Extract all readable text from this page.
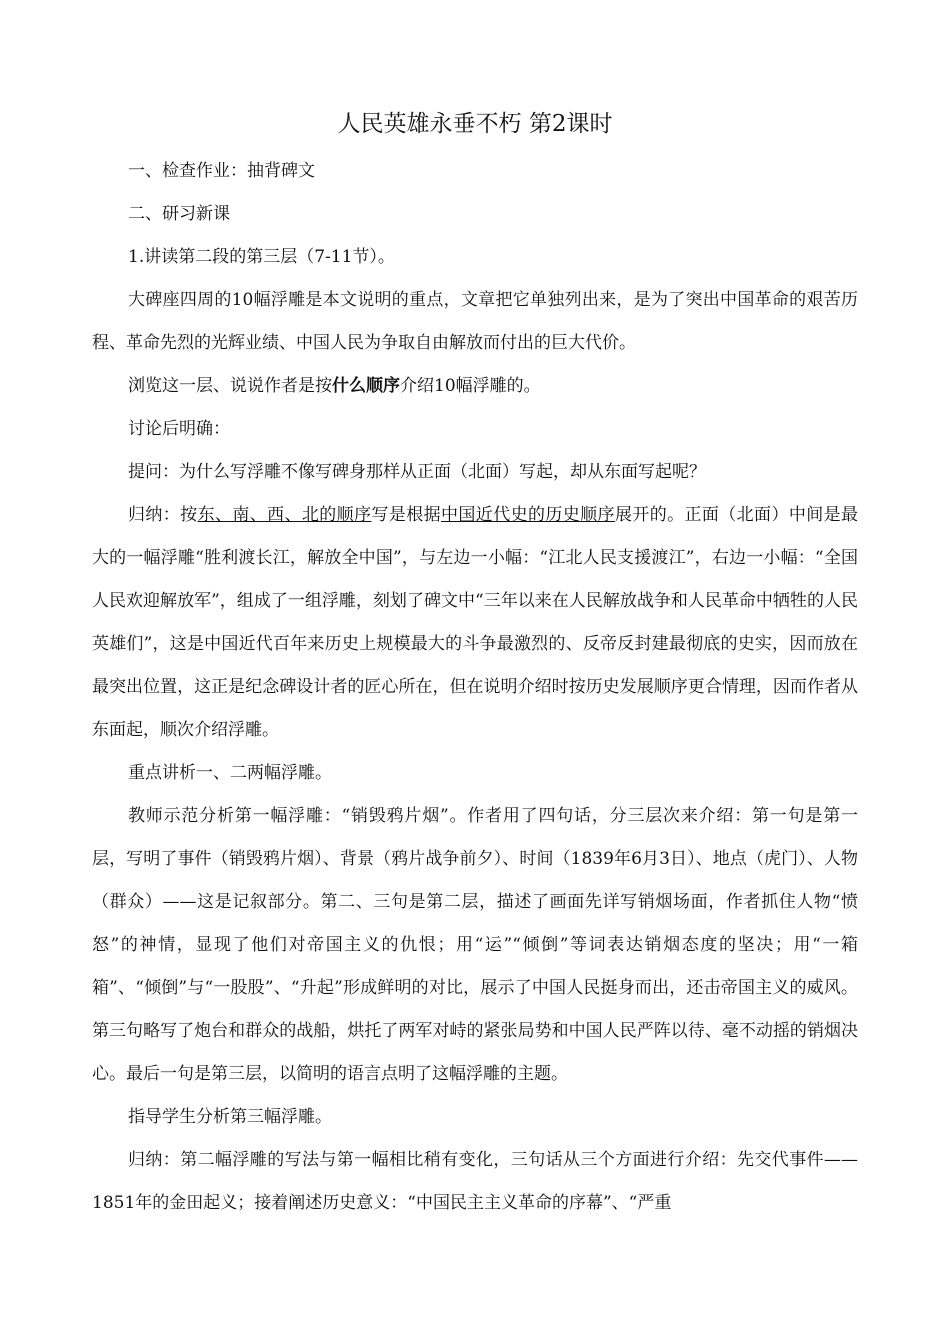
人民英雄永垂不朽 第2课时

一、检查作业：抽背碑文

二、研习新课

1.讲读第二段的第三层（7-11节）。

大碑座四周的10幅浮雕是本文说明的重点，文章把它单独列出来，是为了突出中国革命的艰苦历程、革命先烈的光辉业绩、中国人民为争取自由解放而付出的巨大代价。

浏览这一层、说说作者是按什么顺序介绍10幅浮雕的。

讨论后明确：

提问：为什么写浮雕不像写碑身那样从正面（北面）写起，却从东面写起呢？

归纳：按东、南、西、北的顺序写是根据中国近代史的历史顺序展开的。正面（北面）中间是最大的一幅浮雕“胜利渡长江，解放全中国”，与左边一小幅：“江北人民支援渡江”，右边一小幅：“全国人民欢迎解放军”，组成了一组浮雕，刻划了碑文中“三年以来在人民解放战争和人民革命中牺牲的人民英雄们”，这是中国近代百年来历史上规模最大的斗争最激烈的、反帝反封建最彻底的史实，因而放在最突出位置，这正是纪念碑设计者的匠心所在，但在说明介绍时按历史发展顺序更合情理，因而作者从东面起，顺次介绍浮雕。

重点讲析一、二两幅浮雕。

教师示范分析第一幅浮雕：“销毁鸦片烟”。作者用了四句话，分三层次来介绍：第一句是第一层，写明了事件（销毁鸦片烟）、背景（鸦片战争前夕）、时间（1839年6月3日）、地点（虎门）、人物（群众）——这是记叙部分。第二、三句是第二层，描述了画面先详写销烟场面，作者抓住人物“愤怒”的神情，显现了他们对帝国主义的仇恨；用“运”“倾倒”等词表达销烟态度的坚决；用“一箱箱”、“倾倒”与“一股股”、“升起”形成鲜明的对比，展示了中国人民挺身而出，还击帝国主义的威风。第三句略写了炮台和群众的战船，烘托了两军对峙的紧张局势和中国人民严阵以待、毫不动摇的销烟决心。最后一句是第三层，以简明的语言点明了这幅浮雕的主题。

指导学生分析第三幅浮雕。

归纳：第二幅浮雕的写法与第一幅相比稍有变化，三句话从三个方面进行介绍：先交代事件——1851年的金田起义；接着阐述历史意义：“中国民主主义革命的序幕”、“严重
